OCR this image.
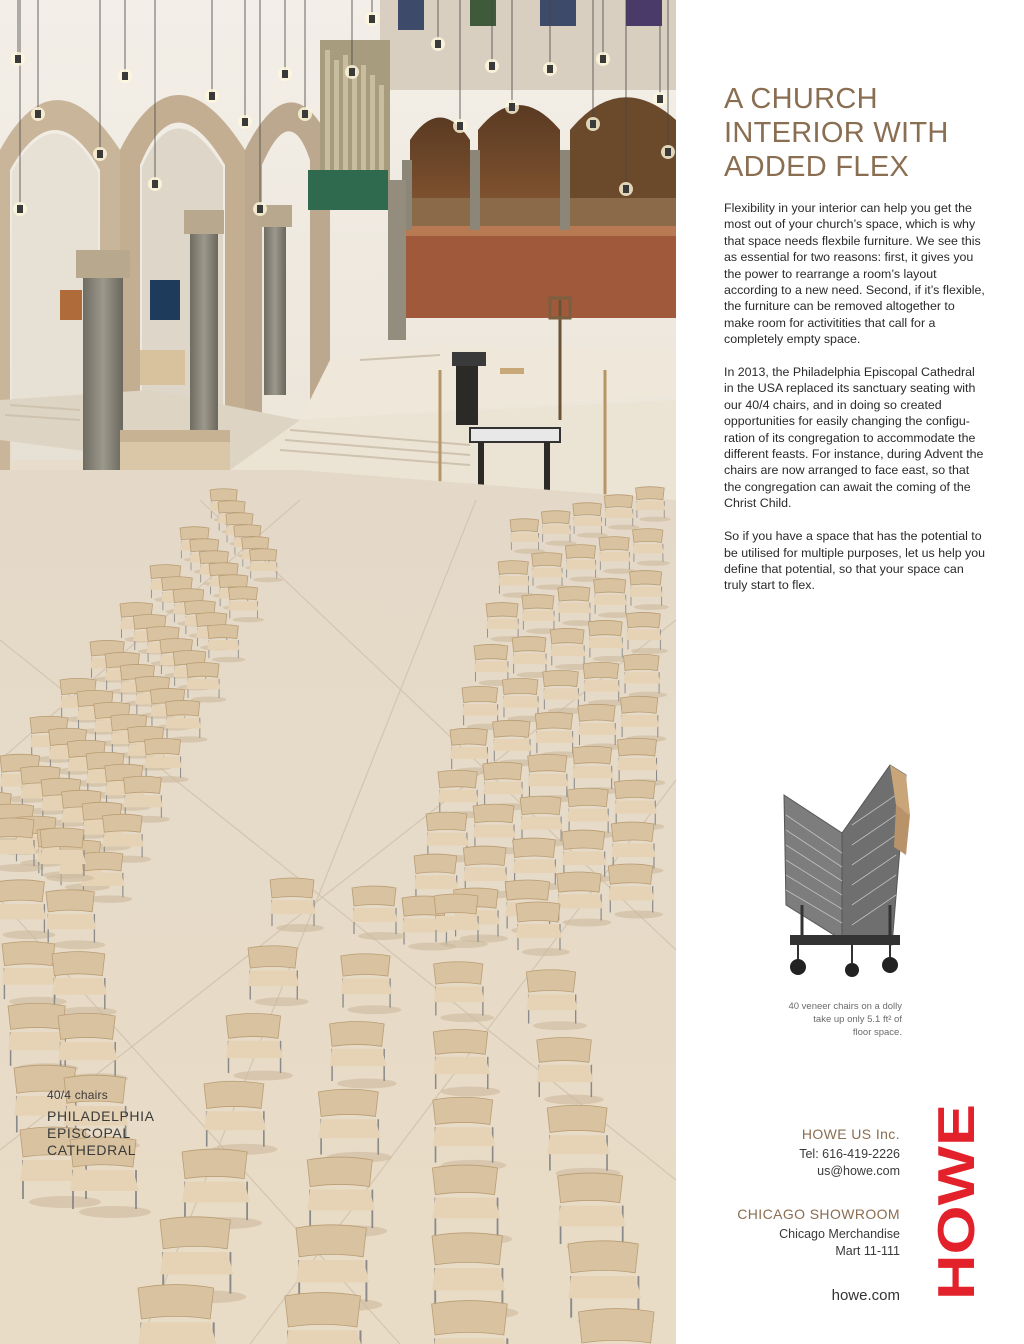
40/4 chairs
PHILADELPHIA
EPISCOPAL
CATHEDRAL
A CHURCH
INTERIOR WITH
ADDED FLEX

Flexibility in your interior can help you get the most out of your church’s space, which is why that space needs flexbile furniture. We see this as essential for two reasons: first, it gives you the power to rearrange a room’s layout according to a new need. Second, if it’s flexible, the furniture can be removed altogether to make room for activitities that call for a completely empty space.

In 2013, the Philadelphia Episcopal Cathedral in the USA replaced its sanctuary seating with our 40/4 chairs, and in doing so created opportunities for easily changing the configu-ration of its congregation to accommodate the different feasts. For instance, during Advent the chairs are now arranged to face east, so that the congregation can await the coming of the Christ Child.

So if you have a space that has the potential to be utilised for multiple purposes, let us help you define that potential, so that your space can truly start to flex.

40 veneer chairs on a dolly
take up only 5.1 ft² of
floor space.
HOWE US Inc.
Tel: 616-419-2226
us@howe.com
CHICAGO SHOWROOM
Chicago Merchandise
Mart 11-111
howe.com HOWE
